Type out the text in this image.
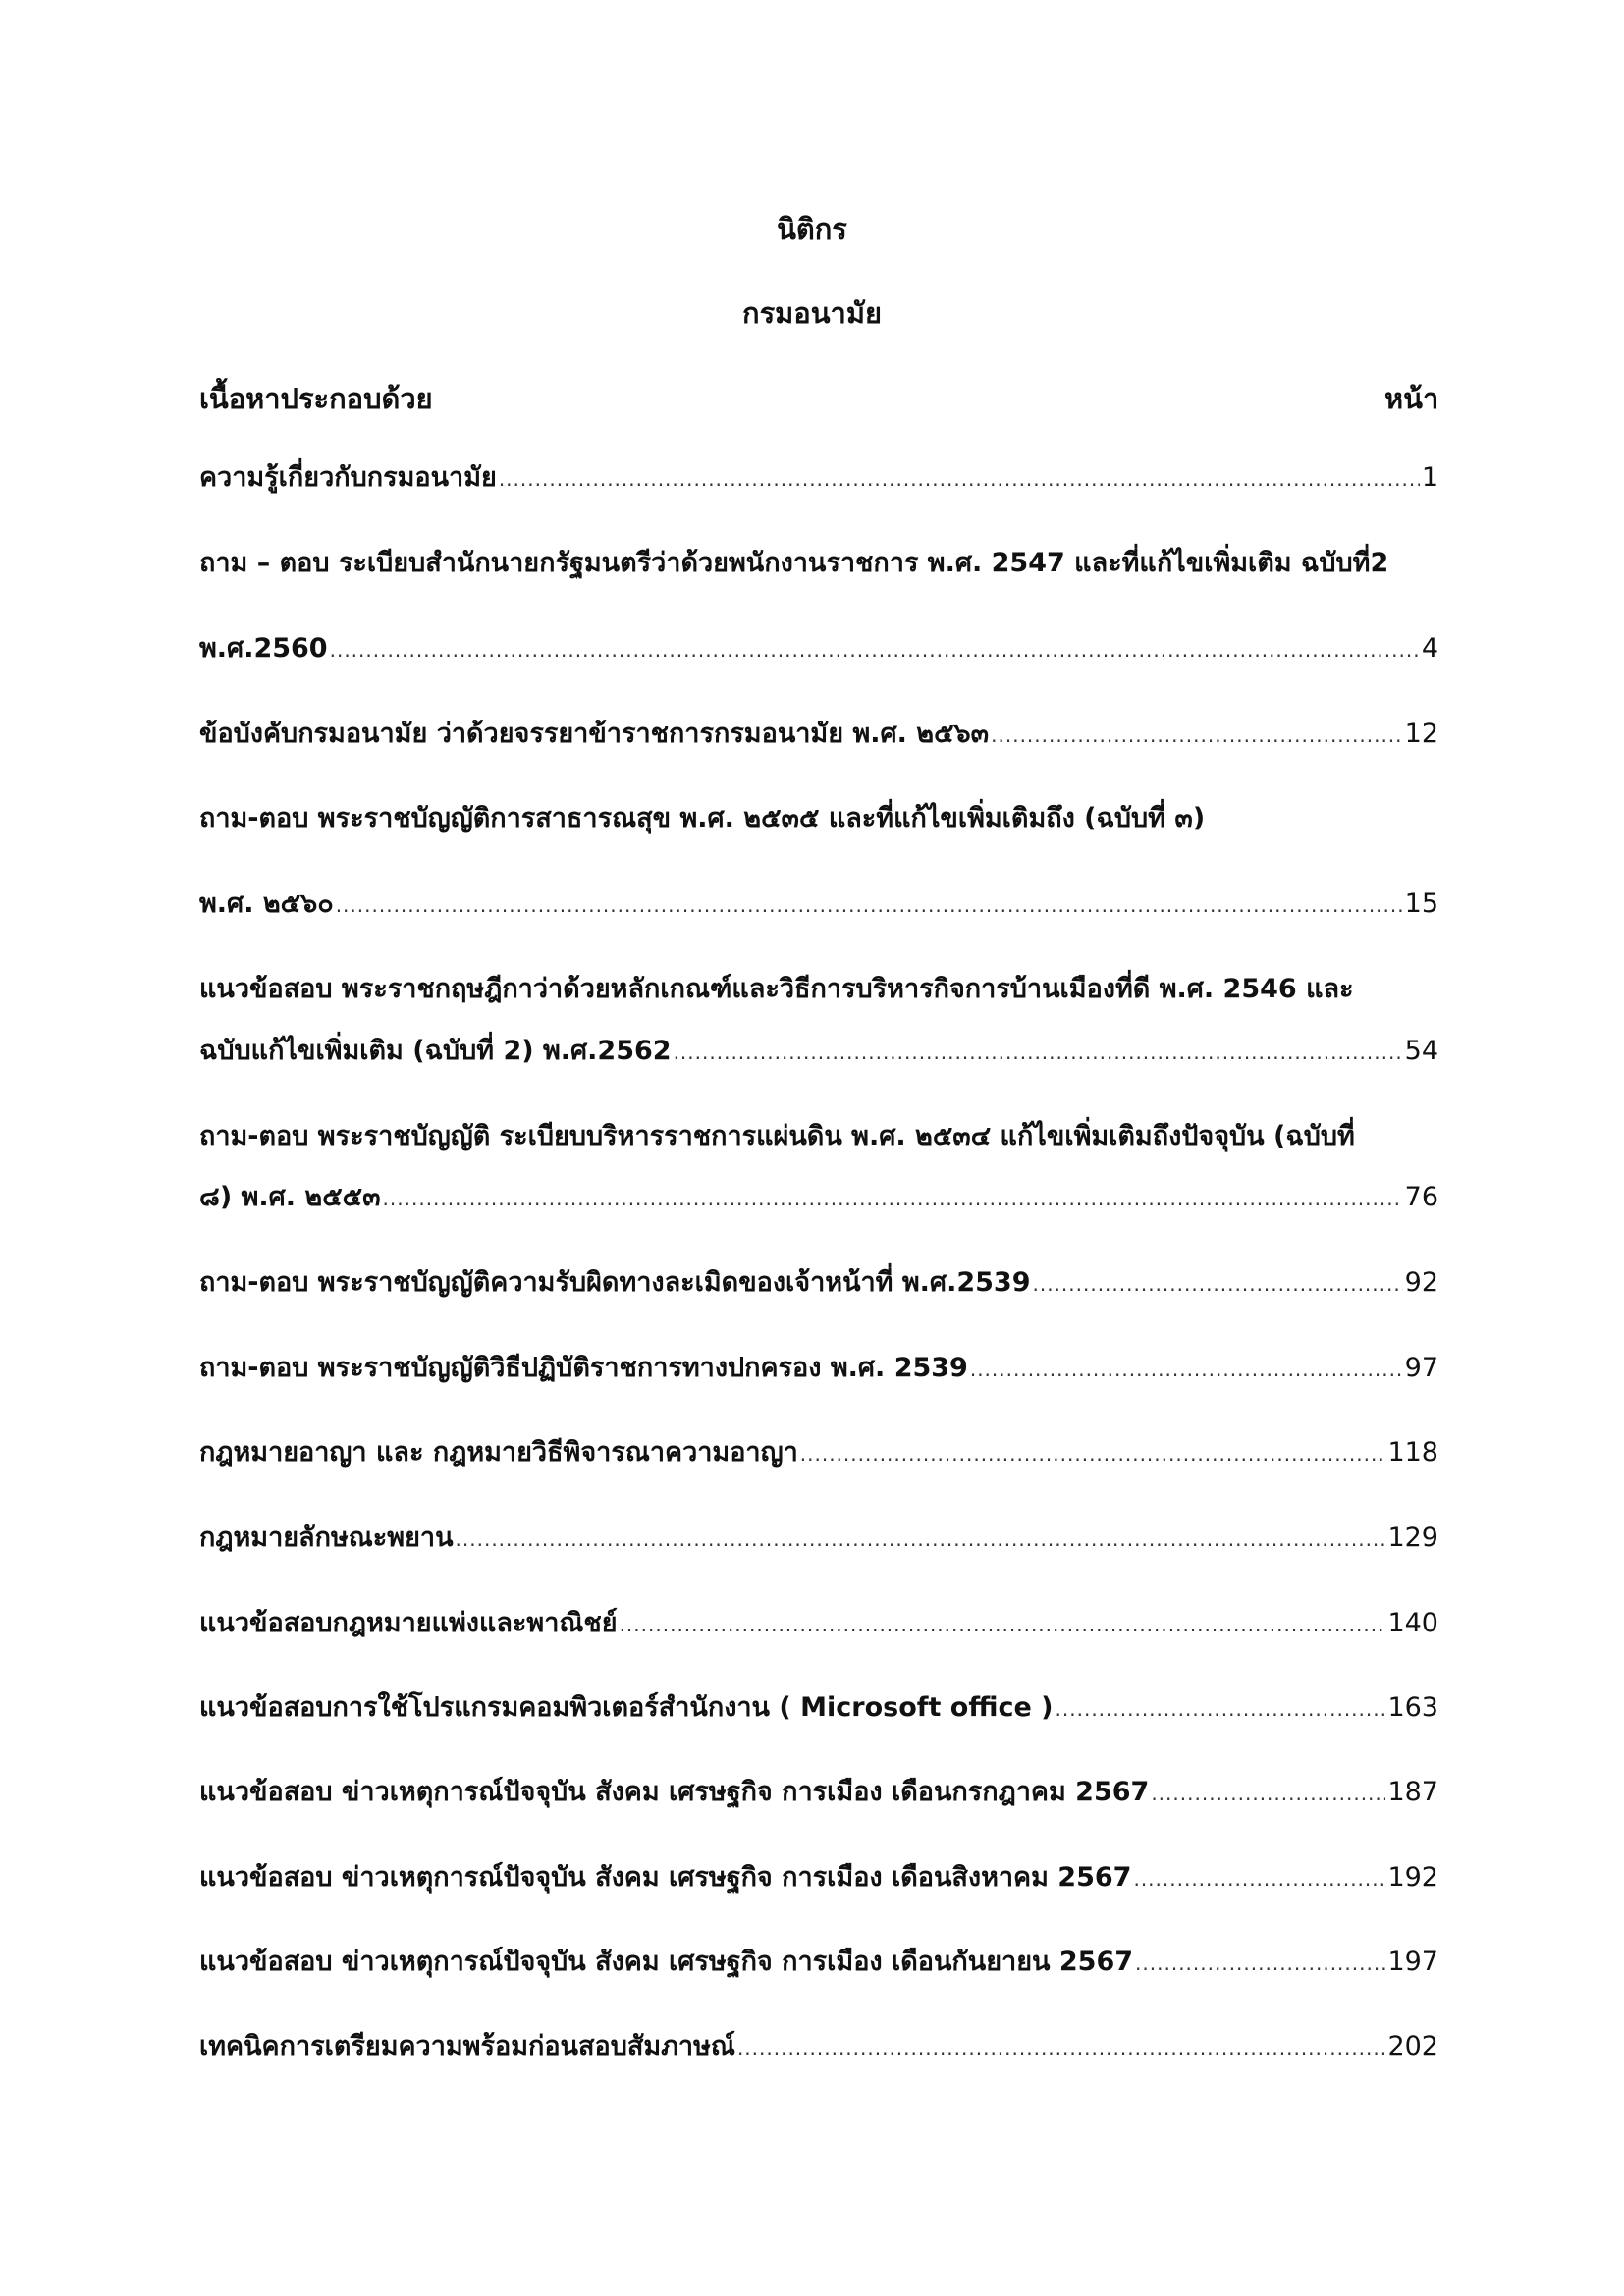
นิติกร
กรมอนามัย
เนื้อหาประกอบด้วย	หน้า
ความรู้เกี่ยวกับกรมอนามัย .....	1
ถาม – ตอบ ระเบียบสำนักนายกรัฐมนตรีว่าด้วยพนักงานราชการ พ.ศ. 2547 และที่แก้ไขเพิ่มเติม ฉบับที่2
พ.ศ.2560 .....	4
ข้อบังคับกรมอนามัย ว่าด้วยจรรยาข้าราชการกรมอนามัย พ.ศ. ๒๕๖๓ .....	12
ถาม-ตอบ พระราชบัญญัติการสาธารณสุข พ.ศ. ๒๕๓๕ และที่แก้ไขเพิ่มเติมถึง (ฉบับที่ ๓)
พ.ศ. ๒๕๖๐ .....	15
แนวข้อสอบ พระราชกฤษฎีกาว่าด้วยหลักเกณฑ์และวิธีการบริหารกิจการบ้านเมืองที่ดี พ.ศ. 2546 และ
ฉบับแก้ไขเพิ่มเติม (ฉบับที่ 2) พ.ศ.2562 .....	54
ถาม-ตอบ พระราชบัญญัติ ระเบียบบริหารราชการแผ่นดิน พ.ศ. ๒๕๓๔ แก้ไขเพิ่มเติมถึงปัจจุบัน (ฉบับที่
๘) พ.ศ. ๒๕๕๓ .....	76
ถาม-ตอบ พระราชบัญญัติความรับผิดทางละเมิดของเจ้าหน้าที่ พ.ศ.2539 .....	92
ถาม-ตอบ พระราชบัญญัติวิธีปฏิบัติราชการทางปกครอง พ.ศ. 2539 .....	97
กฎหมายอาญา และ กฎหมายวิธีพิจารณาความอาญา .....	118
กฎหมายลักษณะพยาน .....	129
แนวข้อสอบกฎหมายแพ่งและพาณิชย์ .....	140
แนวข้อสอบการใช้โปรแกรมคอมพิวเตอร์สำนักงาน ( Microsoft office ) .....	163
แนวข้อสอบ ข่าวเหตุการณ์ปัจจุบัน สังคม เศรษฐกิจ การเมือง เดือนกรกฎาคม 2567 .....	187
แนวข้อสอบ ข่าวเหตุการณ์ปัจจุบัน สังคม เศรษฐกิจ การเมือง เดือนสิงหาคม 2567 .....	192
แนวข้อสอบ ข่าวเหตุการณ์ปัจจุบัน สังคม เศรษฐกิจ การเมือง เดือนกันยายน 2567 .....	197
เทคนิคการเตรียมความพร้อมก่อนสอบสัมภาษณ์ .....	202
